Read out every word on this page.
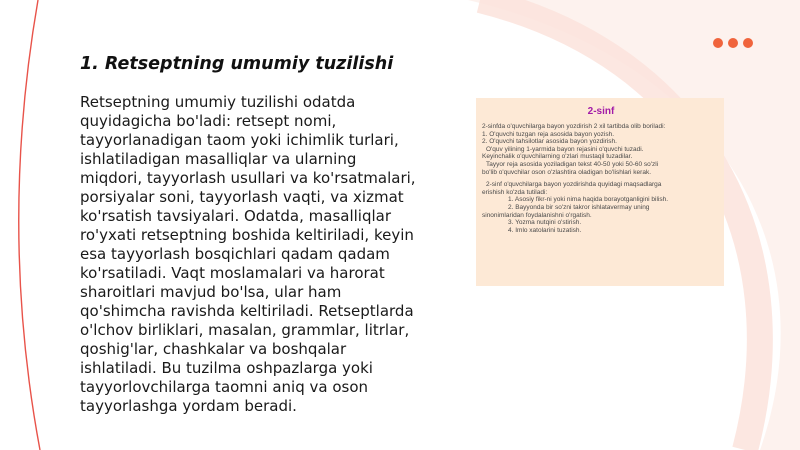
1. Retseptning umumiy tuzilishi

Retseptning umumiy tuzilishi odatda quyidagicha bo'ladi: retsept nomi, tayyorlanadigan taom yoki ichimlik turlari, ishlatiladigan masalliqlar va ularning miqdori, tayyorlash usullari va ko'rsatmalari, porsiyalar soni, tayyorlash vaqti, va xizmat ko'rsatish tavsiyalari. Odatda, masalliqlar ro'yxati retseptning boshida keltiriladi, keyin esa tayyorlash bosqichlari qadam qadam ko'rsatiladi. Vaqt moslamalari va harorat sharoitlari mavjud bo'lsa, ular ham qo'shimcha ravishda keltiriladi. Retseptlarda o'lchov birliklari, masalan, grammlar, litrlar, qoshig'lar, chashkalar va boshqalar ishlatiladi. Bu tuzilma oshpazlarga yoki tayyorlovchilarga taomni aniq va oson tayyorlashga yordam beradi.

2-sinf

2-sinfda o'quvchilarga bayon yozdirish 2 xil tartibda olib boriladi:

1. O'quvchi tuzgan reja asosida bayon yozish.

2. O'quvchi tahsilotlar asosida bayon yozdirish.

O'quv yilining 1-yarmida bayon rejasini o'quvchi tuzadi.

Keyinchalik o'quvchilarning o'zlari mustaqil tuzadilar.

Tayyor reja asosida yoziladigan tekst 40-50 yoki 50-60 so'zli

bo'lib o'quvchilar oson o'zlashtira oladigan bo'lishlari kerak.

2-sinf o'quvchilarga bayon yozdirishda quyidagi maqsadlarga

erishish ko'zda tutiladi:

1. Asosiy fikr-ni yoki nima haqida borayotganligini bilish.

2. Bayyonda bir so'zni takror ishlatavermay uning

sinonimlaridan foydalanishni o'rgatish.

3. Yozma nutqini o'stirish.

4. Imlo xatolarini tuzatish.
